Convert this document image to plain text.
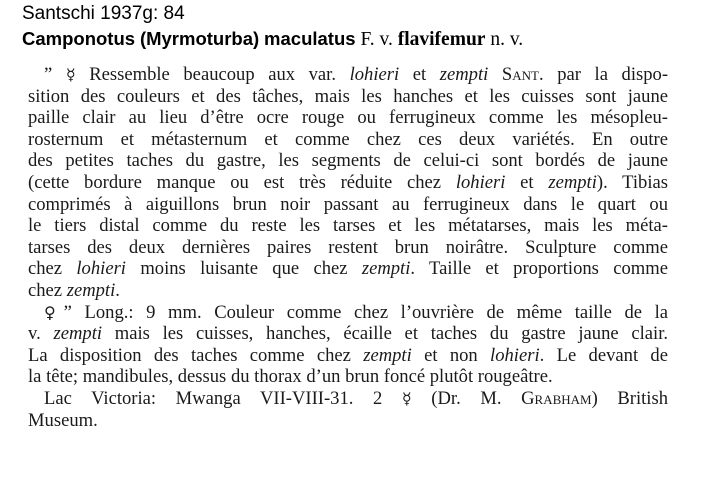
Santschi 1937g: 84
Camponotus (Myrmoturba) maculatus F. v. flavifemur n. v.
” ☿ Ressemble beaucoup aux var. lohieri et zempti Sant. par la dispo-
sition des couleurs et des tâches, mais les hanches et les cuisses sont jaune
paille clair au lieu d’être ocre rouge ou ferrugineux comme les mésopleu-
rosternum et métasternum et comme chez ces deux variétés. En outre
des petites taches du gastre, les segments de celui-ci sont bordés de jaune
(cette bordure manque ou est très réduite chez lohieri et zempti). Tibias
comprimés à aiguillons brun noir passant au ferrugineux dans le quart ou
le tiers distal comme du reste les tarses et les métatarses, mais les méta-
tarses des deux dernières paires restent brun noirâtre. Sculpture comme
chez lohieri moins luisante que chez zempti. Taille et proportions comme
chez zempti.
♀” Long.: 9 mm. Couleur comme chez l’ouvrière de même taille de la
v. zempti mais les cuisses, hanches, écaille et taches du gastre jaune clair.
La disposition des taches comme chez zempti et non lohieri. Le devant de
la tête; mandibules, dessus du thorax d’un brun foncé plutôt rougeâtre.
Lac Victoria: Mwanga VII-VIII-31. 2 ☿ (Dr. M. Grabham) British
Museum.
